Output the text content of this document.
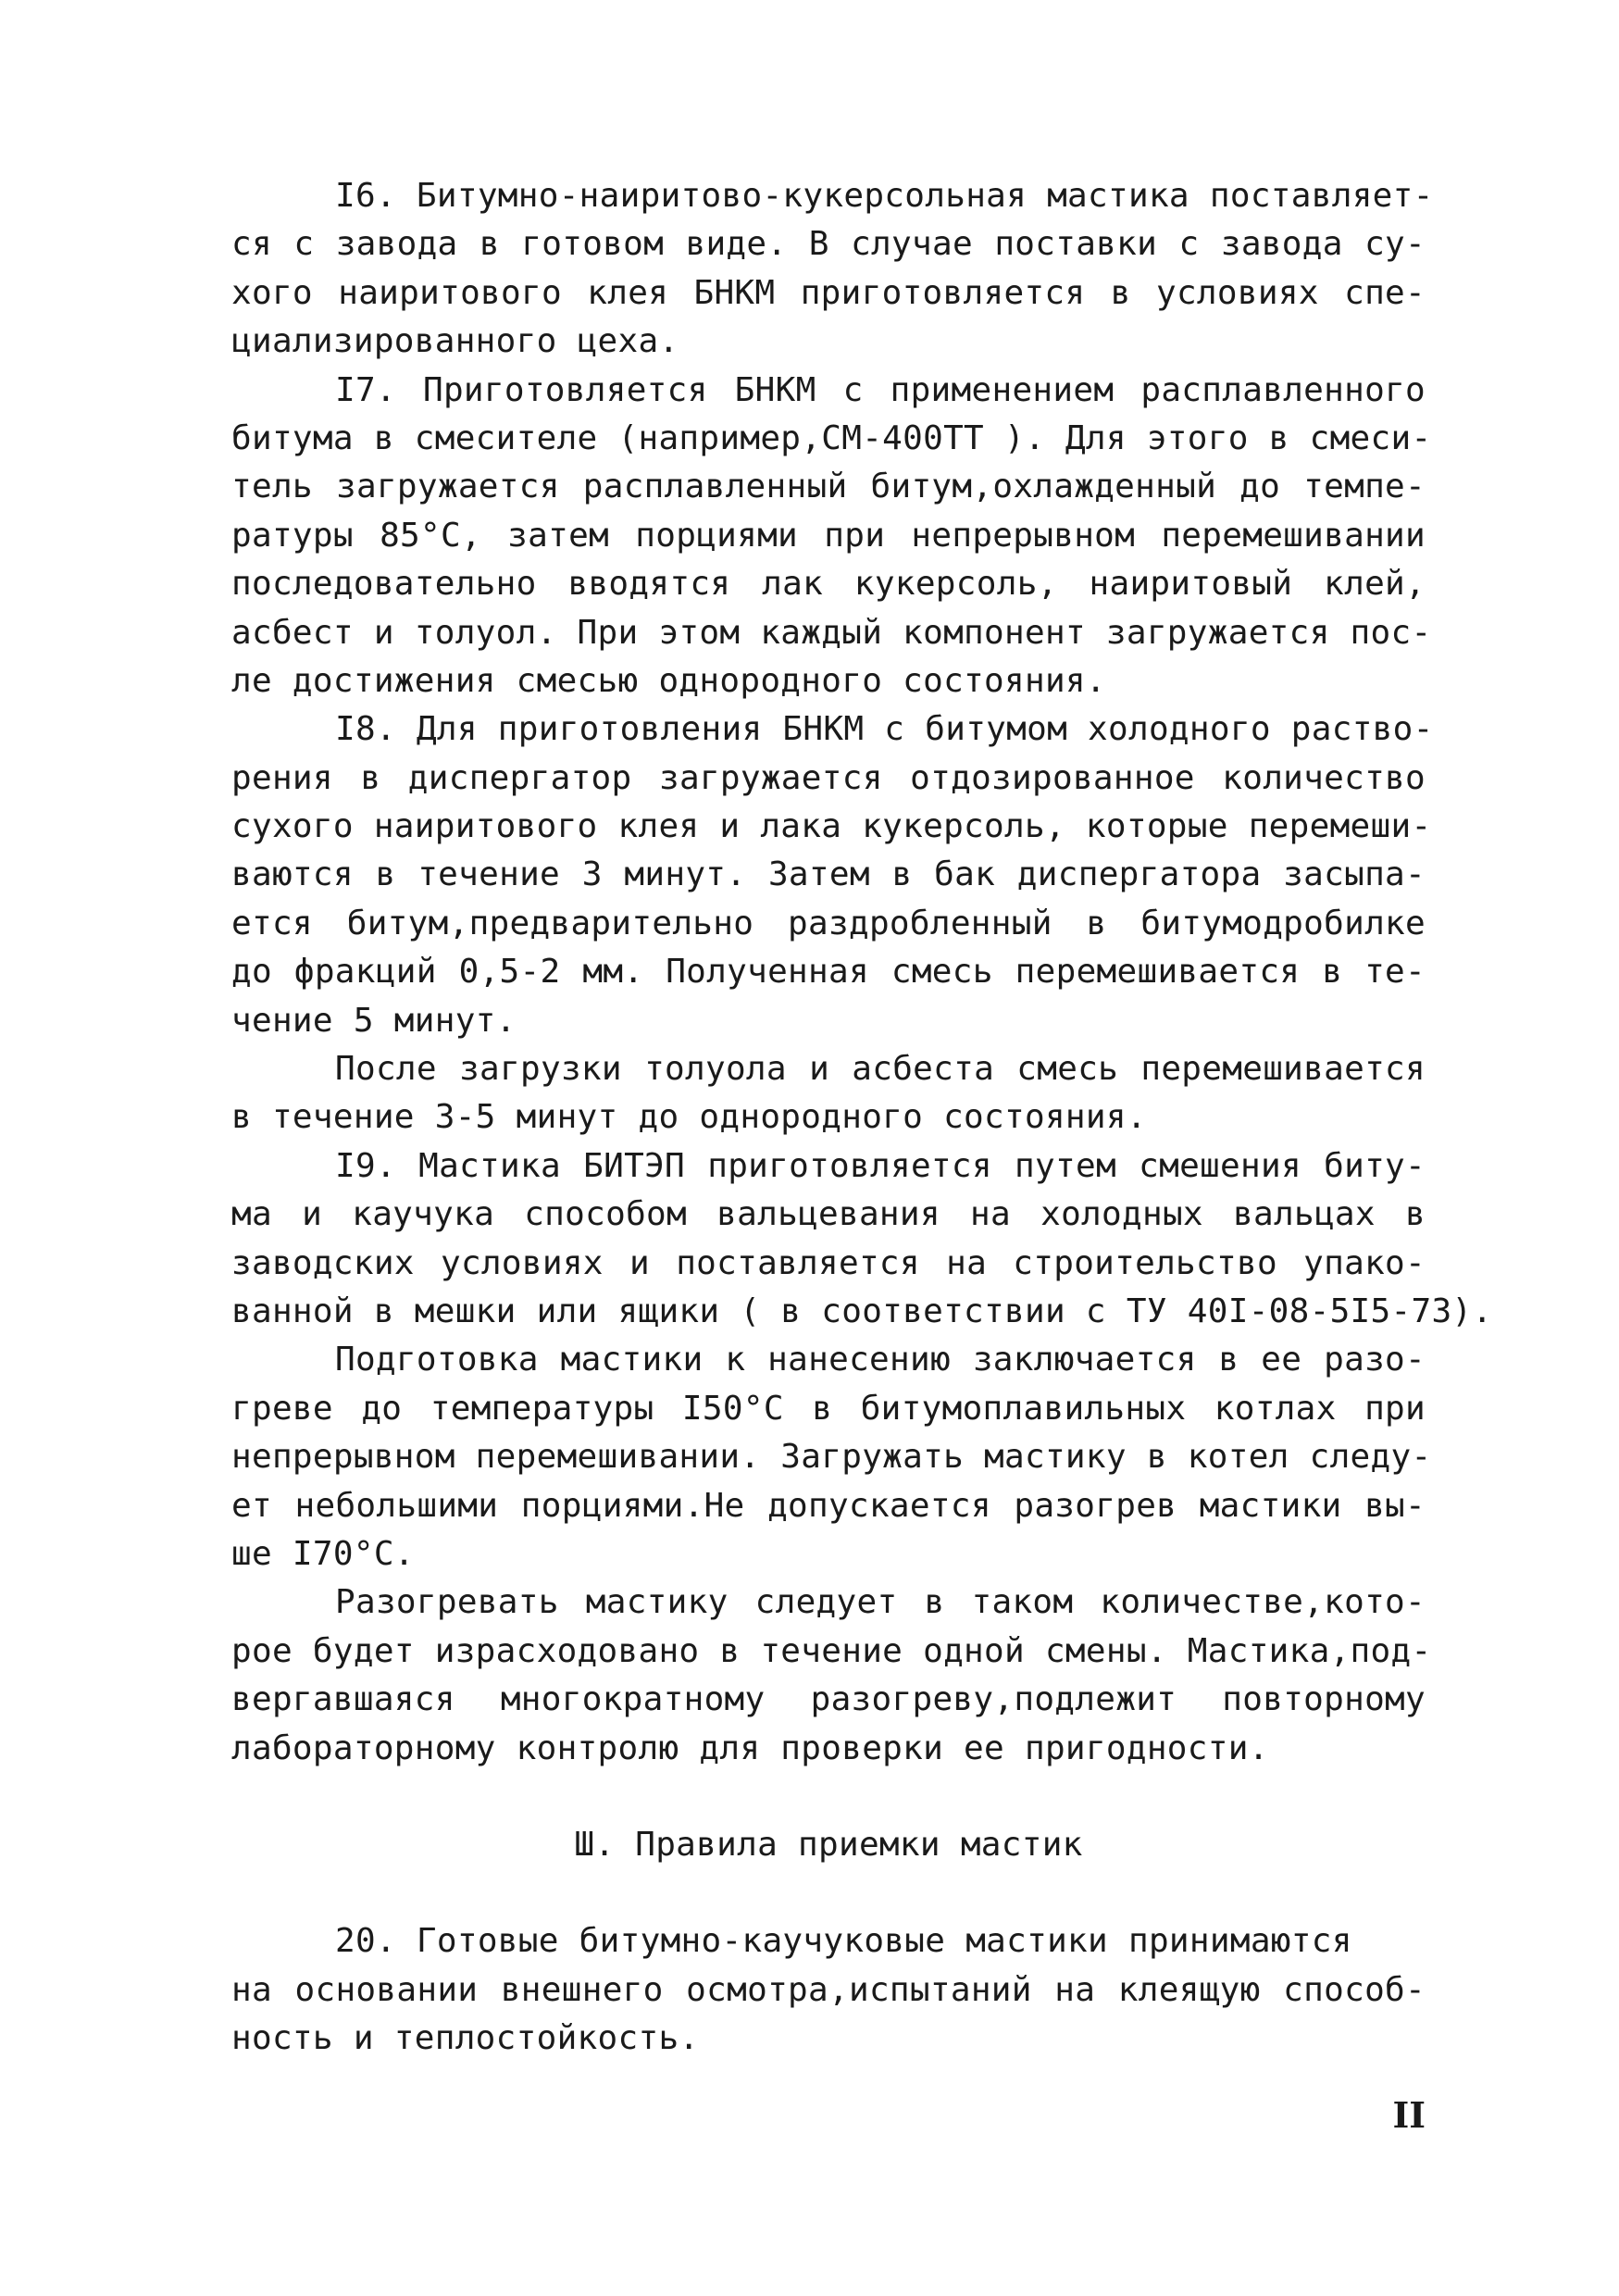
I6. Битумно-наиритово-кукерсольная мастика поставляет-
ся с завода в готовом виде. В случае поставки с завода су-
хого наиритового клея БНКМ приготовляется в условиях спе-
циализированного цеха.
I7. Приготовляется БНКМ с применением расплавленного
битума в смесителе (например,СМ-400ТТ ). Для этого в смеси-
тель загружается расплавленный битум,охлажденный до темпе-
ратуры 85°С, затем порциями при непрерывном перемешивании
последовательно вводятся лак кукерсоль, наиритовый клей,
асбест и толуол. При этом каждый компонент загружается пос-
ле достижения смесью однородного состояния.
I8. Для приготовления БНКМ с битумом холодного раство-
рения в диспергатор загружается отдозированное количество
сухого наиритового клея и лака кукерсоль, которые перемеши-
ваются в течение 3 минут. Затем в бак диспергатора засыпа-
ется битум,предварительно раздробленный в битумодробилке
до фракций 0,5-2 мм. Полученная смесь перемешивается в те-
чение 5 минут.
После загрузки толуола и асбеста смесь перемешивается
в течение 3-5 минут до однородного состояния.
I9. Мастика БИТЭП приготовляется путем смешения биту-
ма и каучука способом вальцевания на холодных вальцах в
заводских условиях и поставляется на строительство упако-
ванной в мешки или ящики ( в соответствии с ТУ 40I-08-5I5-73).
Подготовка мастики к нанесению заключается в ее разо-
греве до температуры I50°С в битумоплавильных котлах при
непрерывном перемешивании. Загружать мастику в котел следу-
ет небольшими порциями.Не допускается разогрев мастики вы-
ше I70°С.
Разогревать мастику следует в таком количестве,кото-
рое будет израсходовано в течение одной смены. Мастика,под-
вергавшаяся многократному разогреву,подлежит повторному
лабораторному контролю для проверки ее пригодности.
Ш. Правила приемки мастик
20. Готовые битумно-каучуковые мастики принимаются
на основании внешнего осмотра,испытаний на клеящую способ-
ность и теплостойкость.
II
